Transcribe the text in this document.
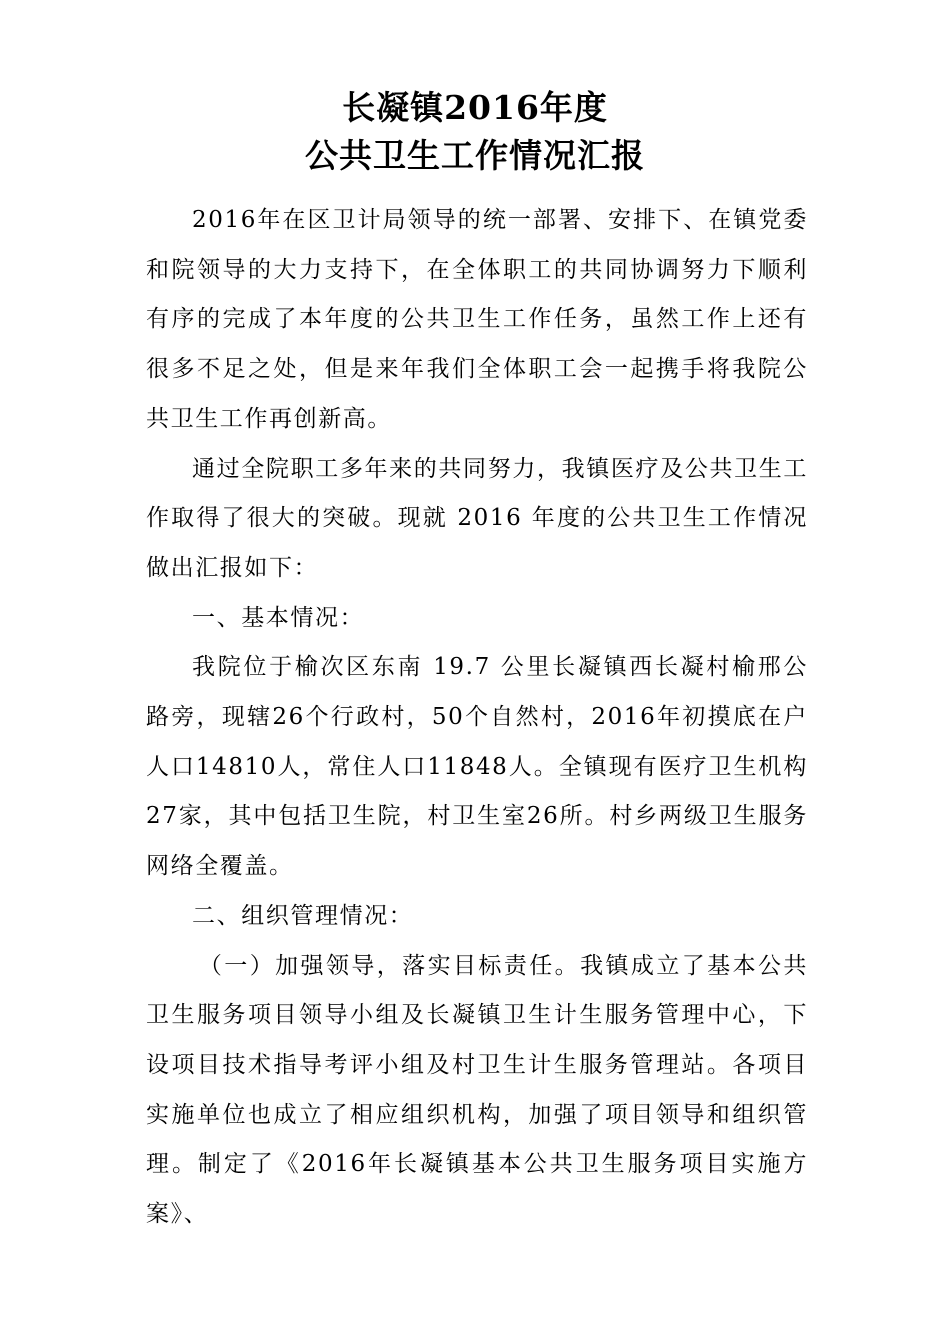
长凝镇2016年度
公共卫生工作情况汇报

2016年在区卫计局领导的统一部署、安排下、在镇党委和院领导的大力支持下，在全体职工的共同协调努力下顺利有序的完成了本年度的公共卫生工作任务，虽然工作上还有很多不足之处，但是来年我们全体职工会一起携手将我院公共卫生工作再创新高。

通过全院职工多年来的共同努力，我镇医疗及公共卫生工作取得了很大的突破。现就 2016 年度的公共卫生工作情况做出汇报如下：

一、基本情况：

我院位于榆次区东南 19.7 公里长凝镇西长凝村榆邢公路旁，现辖26个行政村，50个自然村，2016年初摸底在户人口14810人，常住人口11848人。全镇现有医疗卫生机构27家，其中包括卫生院，村卫生室26所。村乡两级卫生服务网络全覆盖。

二、组织管理情况：

（一）加强领导，落实目标责任。我镇成立了基本公共卫生服务项目领导小组及长凝镇卫生计生服务管理中心，下设项目技术指导考评小组及村卫生计生服务管理站。各项目实施单位也成立了相应组织机构，加强了项目领导和组织管理。制定了《2016年长凝镇基本公共卫生服务项目实施方案》、
